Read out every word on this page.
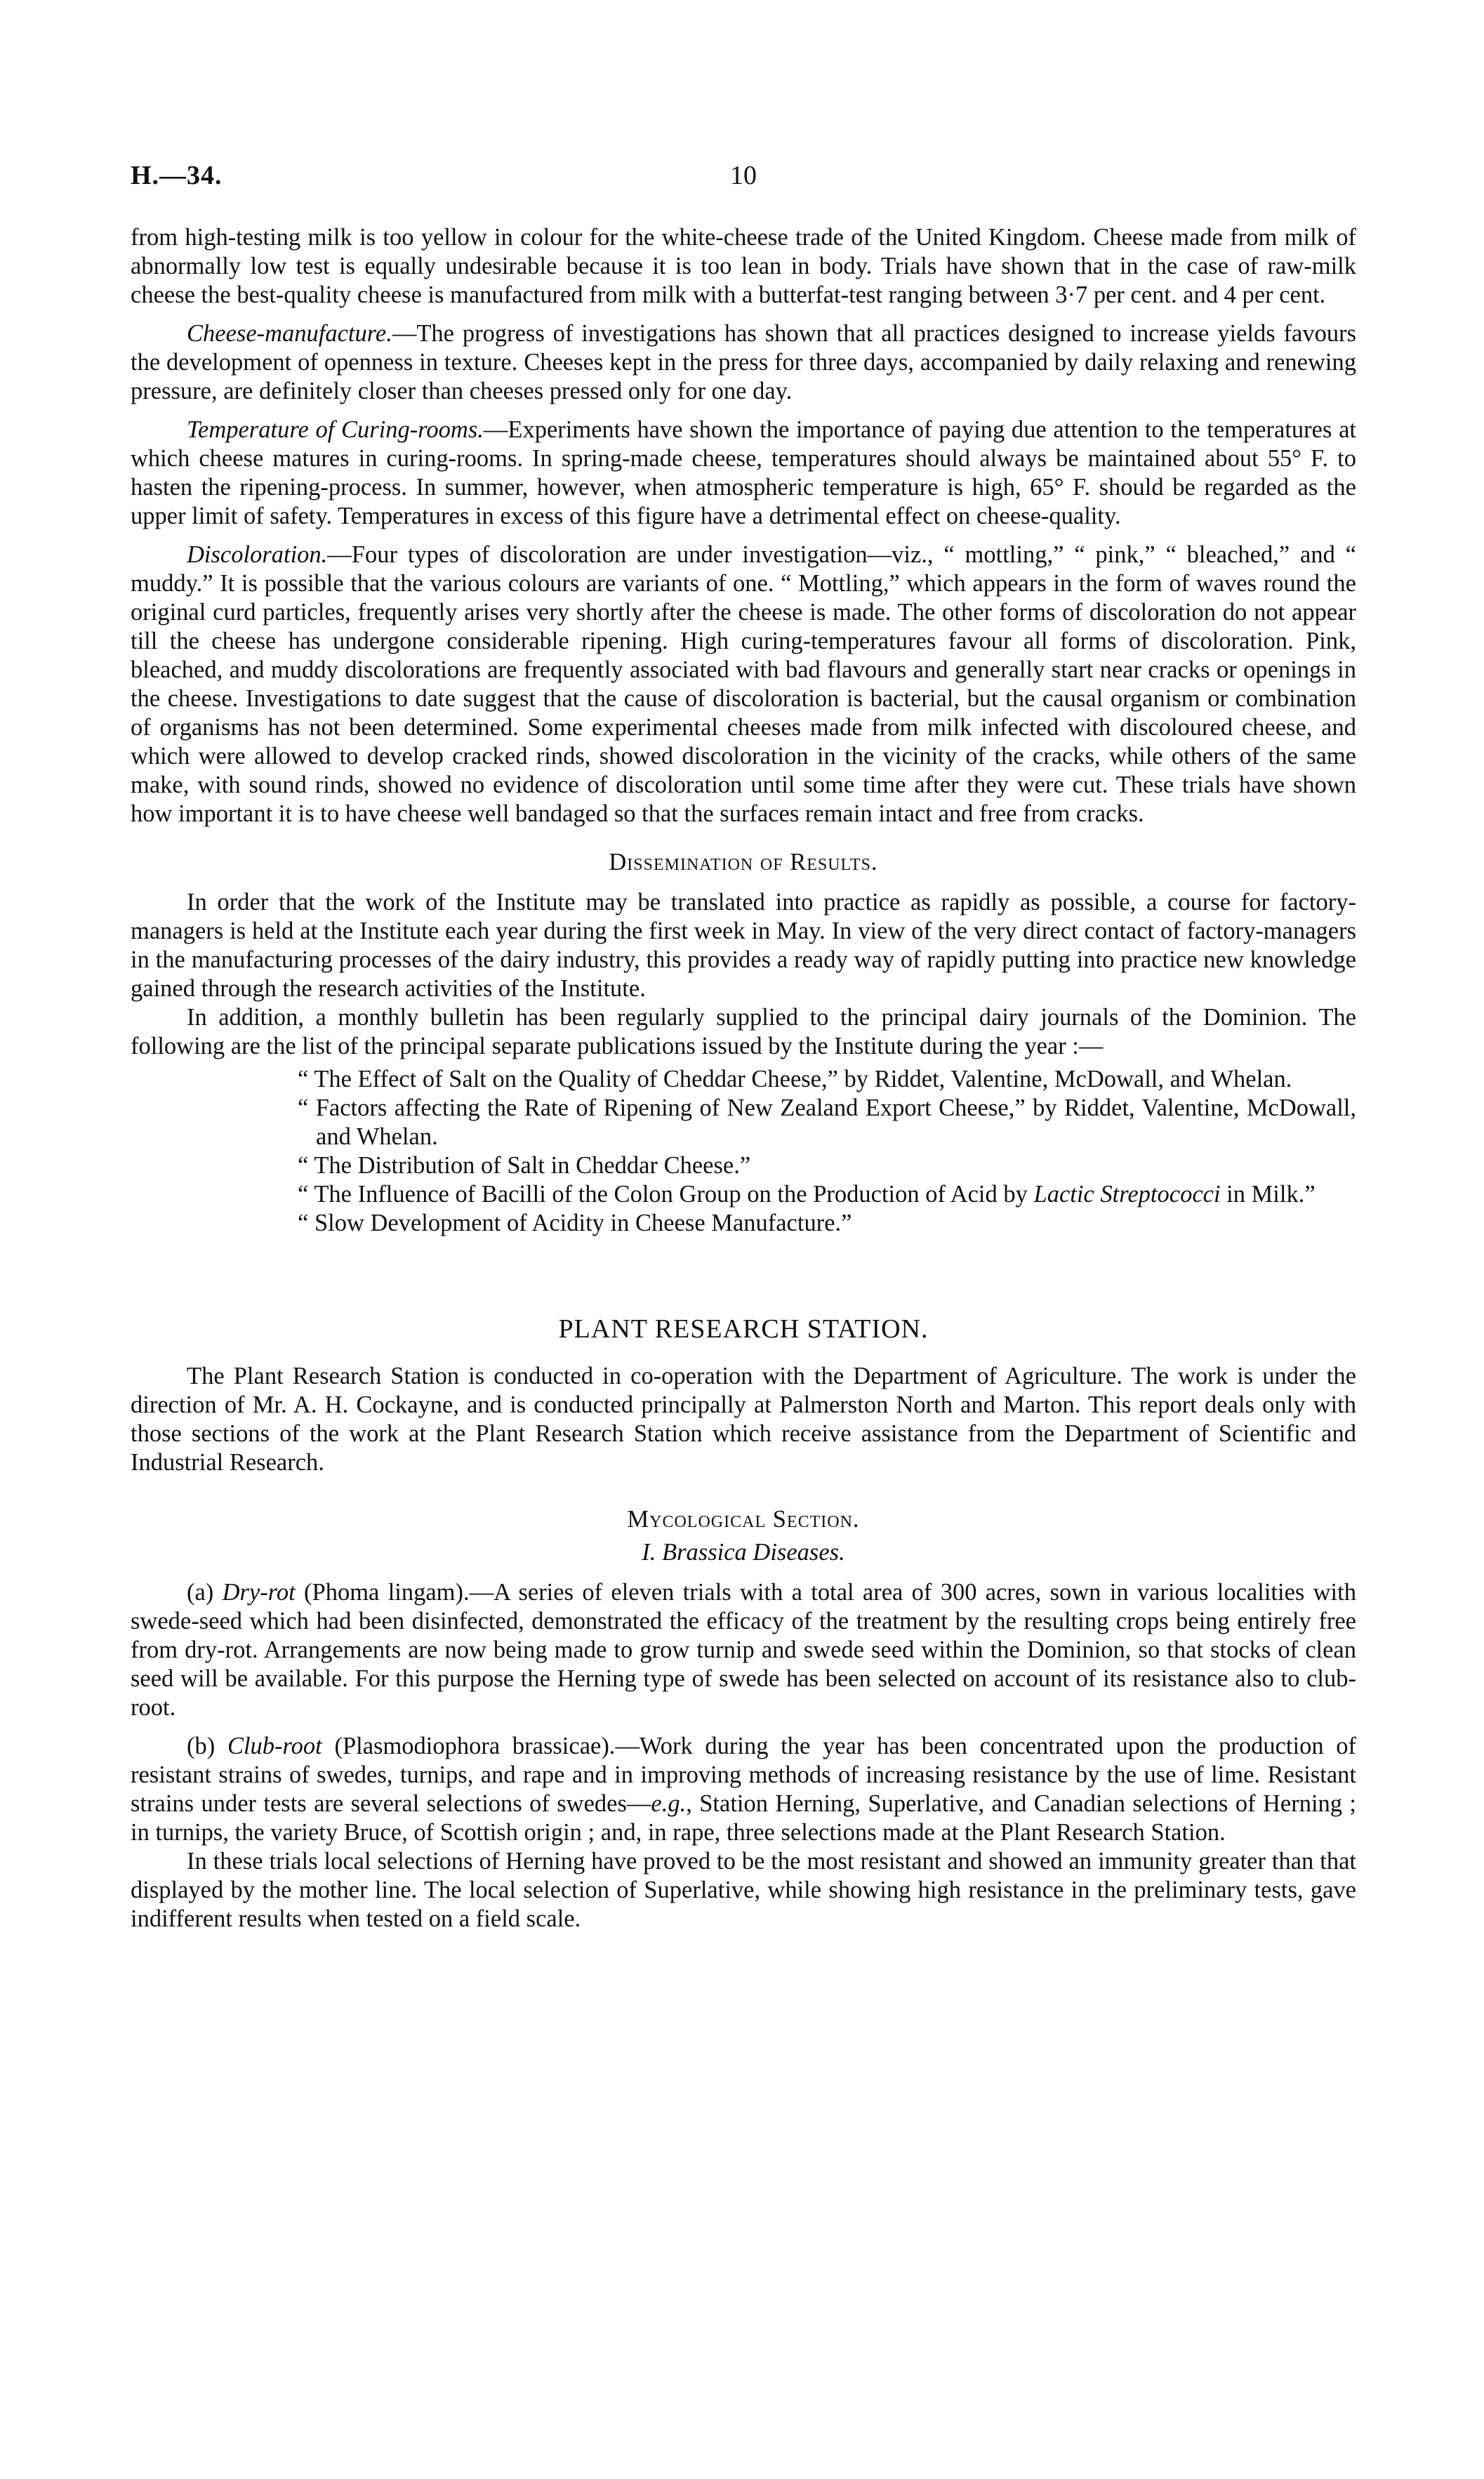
10
H.—34.

from high-testing milk is too yellow in colour for the white-cheese trade of the United Kingdom. Cheese made from milk of abnormally low test is equally undesirable because it is too lean in body. Trials have shown that in the case of raw-milk cheese the best-quality cheese is manufactured from milk with a butterfat-test ranging between 3·7 per cent. and 4 per cent.

Cheese-manufacture.—The progress of investigations has shown that all practices designed to increase yields favours the development of openness in texture. Cheeses kept in the press for three days, accompanied by daily relaxing and renewing pressure, are definitely closer than cheeses pressed only for one day.

Temperature of Curing-rooms.—Experiments have shown the importance of paying due attention to the temperatures at which cheese matures in curing-rooms. In spring-made cheese, temperatures should always be maintained about 55° F. to hasten the ripening-process. In summer, however, when atmospheric temperature is high, 65° F. should be regarded as the upper limit of safety. Temperatures in excess of this figure have a detrimental effect on cheese-quality.

Discoloration.—Four types of discoloration are under investigation—viz., “ mottling,” “ pink,” “ bleached,” and “ muddy.” It is possible that the various colours are variants of one. “ Mottling,” which appears in the form of waves round the original curd particles, frequently arises very shortly after the cheese is made. The other forms of discoloration do not appear till the cheese has undergone considerable ripening. High curing-temperatures favour all forms of discoloration. Pink, bleached, and muddy discolorations are frequently associated with bad flavours and generally start near cracks or openings in the cheese. Investigations to date suggest that the cause of discoloration is bacterial, but the causal organism or combination of organisms has not been determined. Some experimental cheeses made from milk infected with discoloured cheese, and which were allowed to develop cracked rinds, showed discoloration in the vicinity of the cracks, while others of the same make, with sound rinds, showed no evidence of discoloration until some time after they were cut. These trials have shown how important it is to have cheese well bandaged so that the surfaces remain intact and free from cracks.

Dissemination of Results.

In order that the work of the Institute may be translated into practice as rapidly as possible, a course for factory-managers is held at the Institute each year during the first week in May. In view of the very direct contact of factory-managers in the manufacturing processes of the dairy industry, this provides a ready way of rapidly putting into practice new knowledge gained through the research activities of the Institute.

In addition, a monthly bulletin has been regularly supplied to the principal dairy journals of the Dominion. The following are the list of the principal separate publications issued by the Institute during the year :—

“ The Effect of Salt on the Quality of Cheddar Cheese,” by Riddet, Valentine, McDowall, and Whelan.

“ Factors affecting the Rate of Ripening of New Zealand Export Cheese,” by Riddet, Valentine, McDowall, and Whelan.

“ The Distribution of Salt in Cheddar Cheese.”

“ The Influence of Bacilli of the Colon Group on the Production of Acid by Lactic Streptococci in Milk.”

“ Slow Development of Acidity in Cheese Manufacture.”

PLANT RESEARCH STATION.

The Plant Research Station is conducted in co-operation with the Department of Agriculture. The work is under the direction of Mr. A. H. Cockayne, and is conducted principally at Palmerston North and Marton. This report deals only with those sections of the work at the Plant Research Station which receive assistance from the Department of Scientific and Industrial Research.

Mycological Section.
I. Brassica Diseases.

(a) Dry-rot (Phoma lingam).—A series of eleven trials with a total area of 300 acres, sown in various localities with swede-seed which had been disinfected, demonstrated the efficacy of the treatment by the resulting crops being entirely free from dry-rot. Arrangements are now being made to grow turnip and swede seed within the Dominion, so that stocks of clean seed will be available. For this purpose the Herning type of swede has been selected on account of its resistance also to club-root.

(b) Club-root (Plasmodiophora brassicae).—Work during the year has been concentrated upon the production of resistant strains of swedes, turnips, and rape and in improving methods of increasing resistance by the use of lime. Resistant strains under tests are several selections of swedes—e.g., Station Herning, Superlative, and Canadian selections of Herning ; in turnips, the variety Bruce, of Scottish origin ; and, in rape, three selections made at the Plant Research Station.

In these trials local selections of Herning have proved to be the most resistant and showed an immunity greater than that displayed by the mother line. The local selection of Superlative, while showing high resistance in the preliminary tests, gave indifferent results when tested on a field scale.
